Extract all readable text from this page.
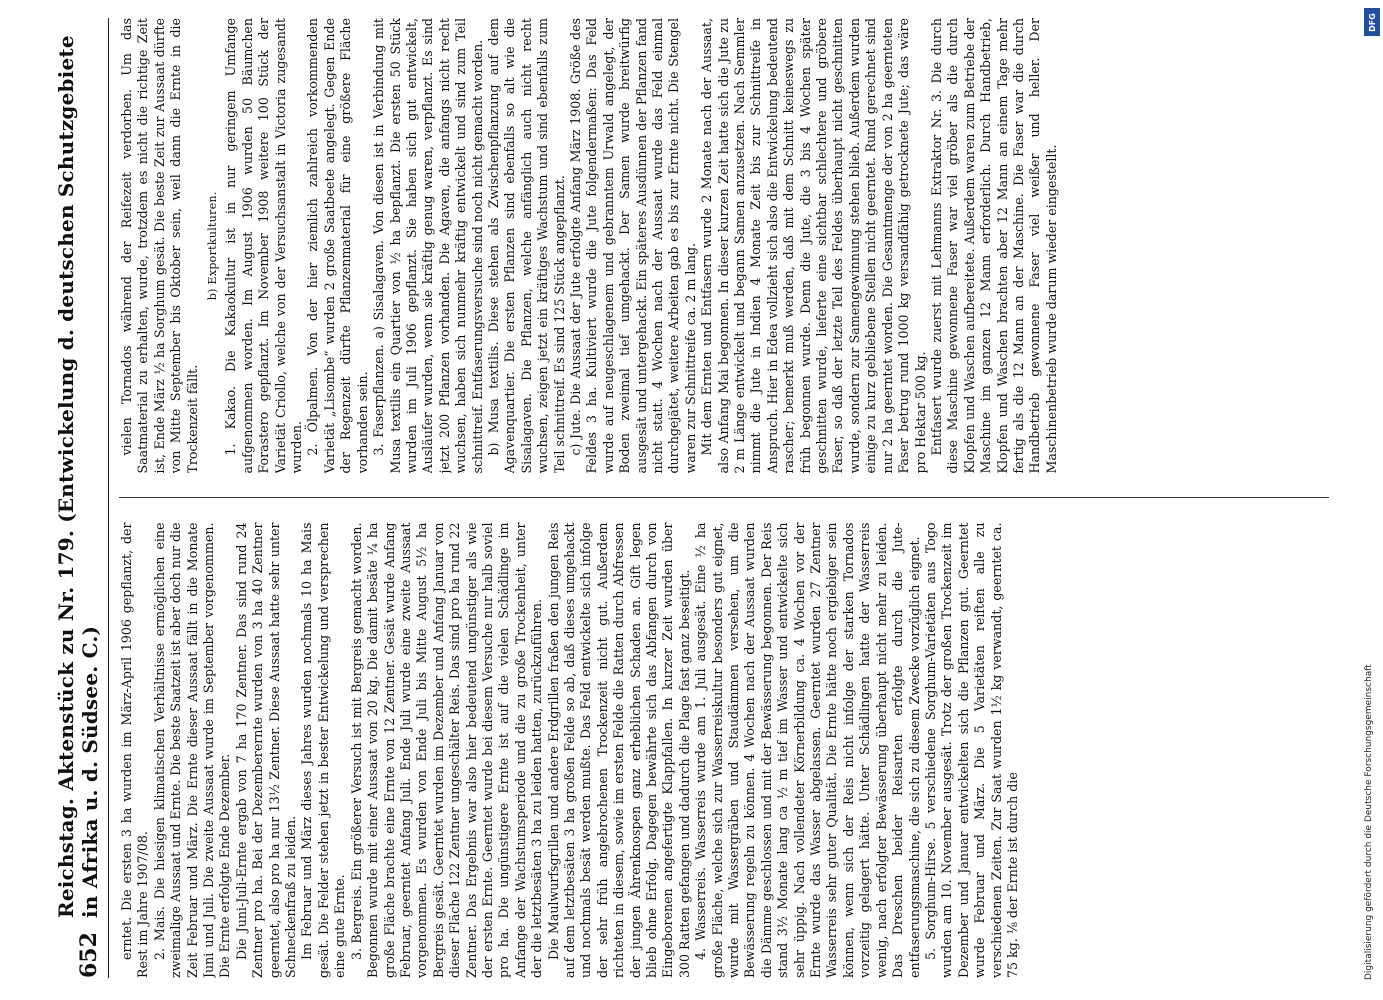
652
Reichstag. Aktenstück zu Nr. 179. (Entwickelung d. deutschen Schutzgebiete in Afrika u. d. Südsee. C.) erntet. Die ersten 3 ha wurden im März-April 1906 gepflanzt, der Rest im Jahre 1907/08. 2. Mais. Die hiesigen klimatischen Verhältnisse ermöglichen eine zweimalige Aussaat und Ernte. Die beste Saatzeit ist aber doch nur die Zeit Februar und März. Die Ernte dieser Aussaat fällt in die Monate Juni und Juli. Die zweite Aussaat wurde im September vorgenommen. Die Ernte erfolgte Ende Dezember. Die Juni-Juli-Ernte ergab von 7 ha 170 Zentner. Das sind rund 24 Zentner pro ha. Bei der Dezemberernte wurden von 3 ha 40 Zentner geerntet, also pro ha nur 13½ Zentner. Diese Aussaat hatte sehr unter Schneckenfraß zu leiden. Im Februar und März dieses Jahres wurden nochmals 10 ha Mais gesät. Die Felder stehen jetzt in bester Entwickelung und versprechen eine gute Ernte. 3. Bergreis. Ein größerer Versuch ist mit Bergreis gemacht worden. Begonnen wurde mit einer Aussaat von 20 kg. Die damit besäte ¼ ha große Fläche brachte eine Ernte von 12 Zentner. Gesät wurde Anfang Februar, geerntet Anfang Juli. Ende Juli wurde eine zweite Aussaat vorgenommen. Es wurden von Ende Juli bis Mitte August 5½ ha Bergreis gesät. Geerntet wurden im Dezember und Anfang Januar von dieser Fläche 122 Zentner ungeschälter Reis. Das sind pro ha rund 22 Zentner. Das Ergebnis war also hier bedeutend ungünstiger als wie der ersten Ernte. Geerntet wurde bei diesem Versuche nur halb soviel pro ha. Die ungünstigere Ernte ist auf die vielen Schädlinge im Anfange der Wachstumsperiode und die zu große Trockenheit, unter der die letztbesäten 3 ha zu leiden hatten, zurückzuführen. Die Maulwurfsgrillen und andere Erdgrillen fraßen den jungen Reis auf dem letztbesäten 3 ha großen Felde so ab, daß dieses umgehackt und nochmals besät werden mußte. Das Feld entwickelte sich infolge der sehr früh angebrochenen Trockenzeit nicht gut. Außerdem richteten in diesem, sowie im ersten Felde die Ratten durch Abfressen der jungen Ährenknospen ganz erheblichen Schaden an. Gift legen blieb ohne Erfolg. Dagegen bewährte sich das Abfangen durch von Eingeborenen angefertigte Klappfallen. In kurzer Zeit wurden über 300 Ratten gefangen und dadurch die Plage fast ganz beseitigt. 4. Wasserreis. Wasserreis wurde am 1. Juli ausgesät. Eine ½ ha große Fläche, welche sich zur Wasserreiskultur besonders gut eignet, wurde mit Wassergräben und Staudämmen versehen, um die Bewässerung regeln zu können. 4 Wochen nach der Aussaat wurden die Dämme geschlossen und mit der Bewässerung begonnen. Der Reis stand 3½ Monate lang ca ½ m tief im Wasser und entwickelte sich sehr üppig. Nach vollendeter Körnerbildung ca. 4 Wochen vor der Ernte wurde das Wasser abgelassen. Geerntet wurden 27 Zentner Wasserreis sehr guter Qualität. Die Ernte hätte noch ergiebiger sein können, wenn sich der Reis nicht infolge der starken Tornados vorzeitig gelagert hätte. Unter Schädlingen hatte der Wasserreis wenig, nach erfolgter Bewässerung überhaupt nicht mehr zu leiden. Das Dreschen beider Reisarten erfolgte durch die Jute-entfaserungsmaschine, die sich zu diesem Zwecke vorzüglich eignet. 5. Sorghum-Hirse. 5 verschiedene Sorghum-Varietäten aus Togo wurden am 10. November ausgesät. Trotz der großen Trockenzeit im Dezember und Januar entwickelten sich die Pflanzen gut. Geerntet wurde Februar und März. Die 5 Varietäten reiften alle zu verschiedenen Zeiten. Zur Saat wurden 1½ kg verwandt, geerntet ca. 75 kg. ⅛ der Ernte ist durch die

vielen Tornados während der Reifezeit verdorben. Um das Saatmaterial zu erhalten, wurde, trotzdem es nicht die richtige Zeit ist, Ende März ½ ha Sorghum gesät. Die beste Zeit zur Aussaat dürfte von Mitte September bis Oktober sein, weil dann die Ernte in die Trockenzeit fällt.

b) Exportkulturen. 1. Kakao. Die Kakaokultur ist in nur geringem Umfange aufgenommen worden. Im August 1906 wurden 50 Bäumchen Forastero gepflanzt. Im November 1908 weitere 100 Stück der Varietät Criollo, welche von der Versuchsanstalt in Victoria zugesandt wurden. 2. Ölpalmen. Von der hier ziemlich zahlreich vorkommenden Varietät „Lisombe“ wurden 2 große Saatbeete angelegt. Gegen Ende der Regenzeit dürfte Pflanzenmaterial für eine größere Fläche vorhanden sein. 3. Faserpflanzen. a) Sisalagaven. Von diesen ist in Verbindung mit Musa textilis ein Quartier von ½ ha bepflanzt. Die ersten 50 Stück wurden im Juli 1906 gepflanzt. Sie haben sich gut entwickelt, Ausläufer wurden, wenn sie kräftig genug waren, verpflanzt. Es sind jetzt 200 Pflanzen vorhanden. Die Agaven, die anfangs nicht recht wuchsen, haben sich nunmehr kräftig entwickelt und sind zum Teil schnittreif. Entfaserungsversuche sind noch nicht gemacht worden. b) Musa textilis. Diese stehen als Zwischenpflanzung auf dem Agavenquartier. Die ersten Pflanzen sind ebenfalls so alt wie die Sisalagaven. Die Pflanzen, welche anfänglich auch nicht recht wuchsen, zeigen jetzt ein kräftiges Wachstum und sind ebenfalls zum Teil schnittreif. Es sind 125 Stück angepflanzt. c) Jute. Die Aussaat der Jute erfolgte Anfang März 1908. Größe des Feldes 3 ha. Kultiviert wurde die Jute folgendermaßen: Das Feld wurde auf neugeschlagenem und gebranntem Urwald angelegt, der Boden zweimal tief umgehackt. Der Samen wurde breitwürfig ausgesät und untergehackt. Ein späteres Ausdünnen der Pflanzen fand nicht statt. 4 Wochen nach der Aussaat wurde das Feld einmal durchgejätet, weitere Arbeiten gab es bis zur Ernte nicht. Die Stengel waren zur Schnittreife ca. 2 m lang. Mit dem Ernten und Entfasern wurde 2 Monate nach der Aussaat, also Anfang Mai begonnen. In dieser kurzen Zeit hatte sich die Jute zu 2 m Länge entwickelt und begann Samen anzusetzen. Nach Semmler nimmt die Jute in Indien 4 Monate Zeit bis zur Schnittreife in Anspruch. Hier in Edea vollzieht sich also die Entwickelung bedeutend rascher; bemerkt muß werden, daß mit dem Schnitt keineswegs zu früh begonnen wurde. Denn die Jute, die 3 bis 4 Wochen später geschnitten wurde, lieferte eine sichtbar schlechtere und gröbere Faser, so daß der letzte Teil des Feldes überhaupt nicht geschnitten wurde, sondern zur Samengewinnung stehen blieb. Außerdem wurden einige zu kurz gebliebene Stellen nicht geerntet. Rund gerechnet sind nur 2 ha geerntet worden. Die Gesamtmenge der von 2 ha geernteten Faser betrug rund 1000 kg versandfähig getrocknete Jute; das wäre pro Hektar 500 kg. Entfasert wurde zuerst mit Lehmanns Extraktor Nr. 3. Die durch diese Maschine gewonnene Faser war viel gröber als die durch Klopfen und Waschen aufbereitete. Außerdem waren zum Betriebe der Maschine im ganzen 12 Mann erforderlich. Durch Handbetrieb, Klopfen und Waschen brachten aber 12 Mann an einem Tage mehr fertig als die 12 Mann an der Maschine. Die Faser war die durch Handbetrieb gewonnene Faser viel weißer und heller. Der Maschinenbetrieb wurde darum wieder eingestellt.

DFG
Digitalisierung gefördert durch die Deutsche Forschungsgemeinschaft
